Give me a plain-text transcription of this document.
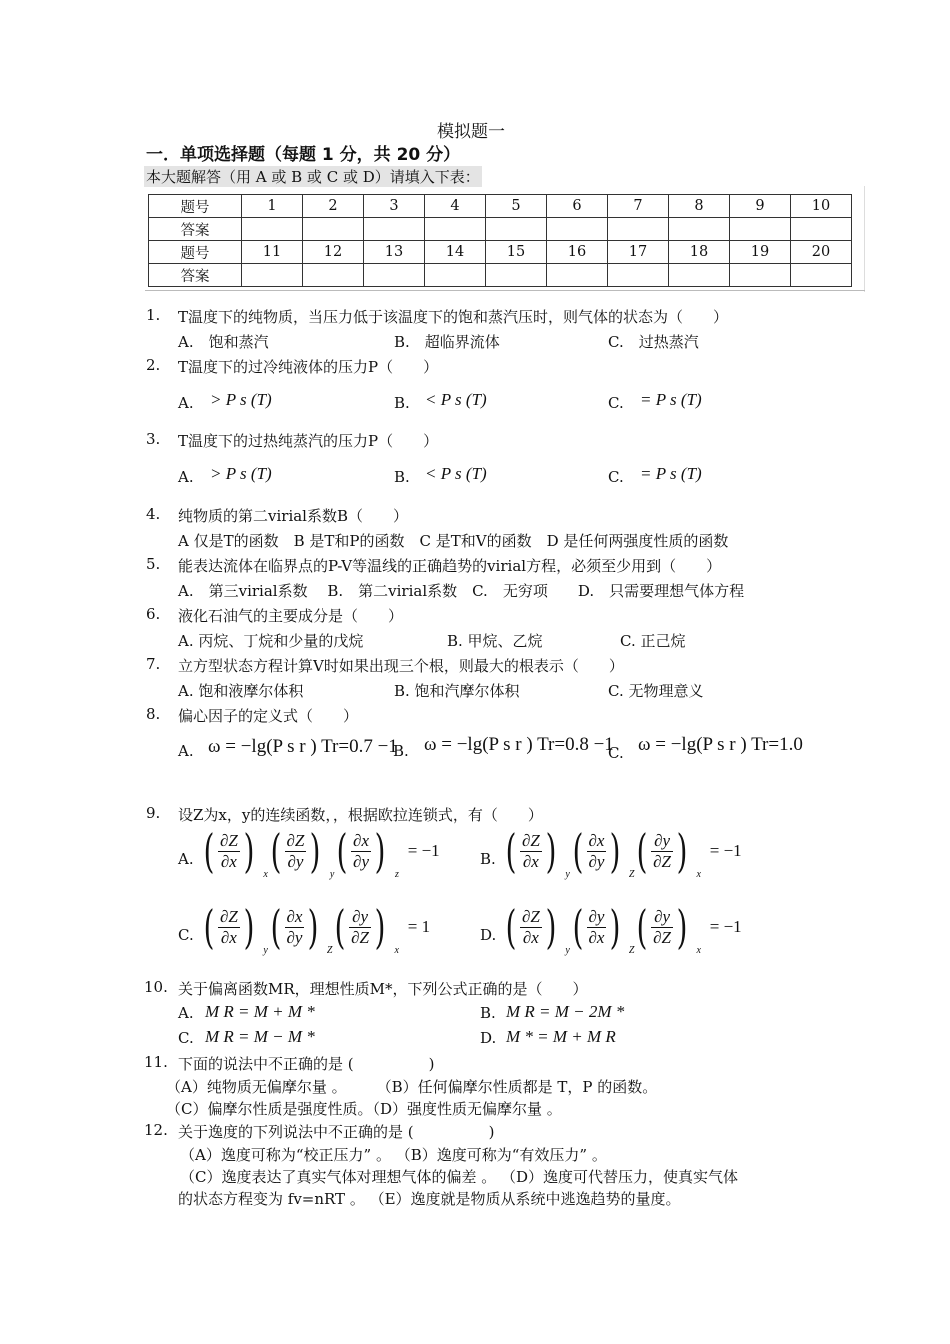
模拟题一
一．单项选择题（每题 1 分，共 20 分）
本大题解答（用 A 或 B 或 C 或 D）请填入下表：
题号	1	2	3	4	5	6	7	8	9	10
答案										
题号	11	12	13	14	15	16	17	18	19	20
答案										
1. T温度下的纯物质，当压力低于该温度下的饱和蒸汽压时，则气体的状态为（　　）
A.　饱和蒸汽	B.　超临界流体	C.　过热蒸汽
2. T温度下的过冷纯液体的压力P（　　）
A. > P s (T)	B. < P s (T)	C. = P s (T)
3. T温度下的过热纯蒸汽的压力P（　　）
A. > P s (T)	B. < P s (T)	C. = P s (T)
4. 纯物质的第二virial系数B（　　）
A 仅是T的函数　B 是T和P的函数　C 是T和V的函数　D 是任何两强度性质的函数
5. 能表达流体在临界点的P-V等温线的正确趋势的virial方程，必须至少用到（　　）
A.　第三virial系数　 B.　第二virial系数　C.　无穷项　　D.　只需要理想气体方程
6. 液化石油气的主要成分是（　　）
A. 丙烷、丁烷和少量的戊烷	B. 甲烷、乙烷	C. 正己烷
7. 立方型状态方程计算V时如果出现三个根，则最大的根表示（　　）
A. 饱和液摩尔体积	B. 饱和汽摩尔体积	C. 无物理意义
8. 偏心因子的定义式（　　）
A. ω = −lg(P s r ) Tr=0.7 −1
B. ω = −lg(P s r ) Tr=0.8 −1
C. ω = −lg(P s r ) Tr=1.0
9. 设Z为x，y的连续函数，，根据欧拉连锁式，有（　　）
A. ( $\frac{\partial Z}{\partial x}$ ) x ( $\frac{\partial Z}{\partial y}$ ) y ( $\frac{\partial x}{\partial y}$ ) z
= −1	B. ( $\frac{\partial Z}{\partial x}$ ) y ( $\frac{\partial x}{\partial y}$ ) Z ( $\frac{\partial y}{\partial Z}$ ) x
= −1
C. ( $\frac{\partial Z}{\partial x}$ ) y ( $\frac{\partial x}{\partial y}$ ) Z ( $\frac{\partial y}{\partial Z}$ ) x
= 1	D. ( $\frac{\partial Z}{\partial x}$ ) y ( $\frac{\partial y}{\partial x}$ ) Z ( $\frac{\partial y}{\partial Z}$ ) x
= −1
10. 关于偏离函数MR，理想性质M*，下列公式正确的是（　　）
A. M R = M + M *	B. M R = M − 2M *
C. M R = M − M *	D. M * = M + M R
11. 下面的说法中不正确的是 (　　　　　)
（A）纯物质无偏摩尔量 。　　　（B）任何偏摩尔性质都是 T，P 的函数。
（C）偏摩尔性质是强度性质。（D）强度性质无偏摩尔量 。
12. 关于逸度的下列说法中不正确的是 (　　　　　)
（A）逸度可称为“校正压力” 。 （B）逸度可称为“有效压力” 。
（C）逸度表达了真实气体对理想气体的偏差 。 （D）逸度可代替压力，使真实气体
的状态方程变为 fv=nRT 。 （E）逸度就是物质从系统中逃逸趋势的量度。
